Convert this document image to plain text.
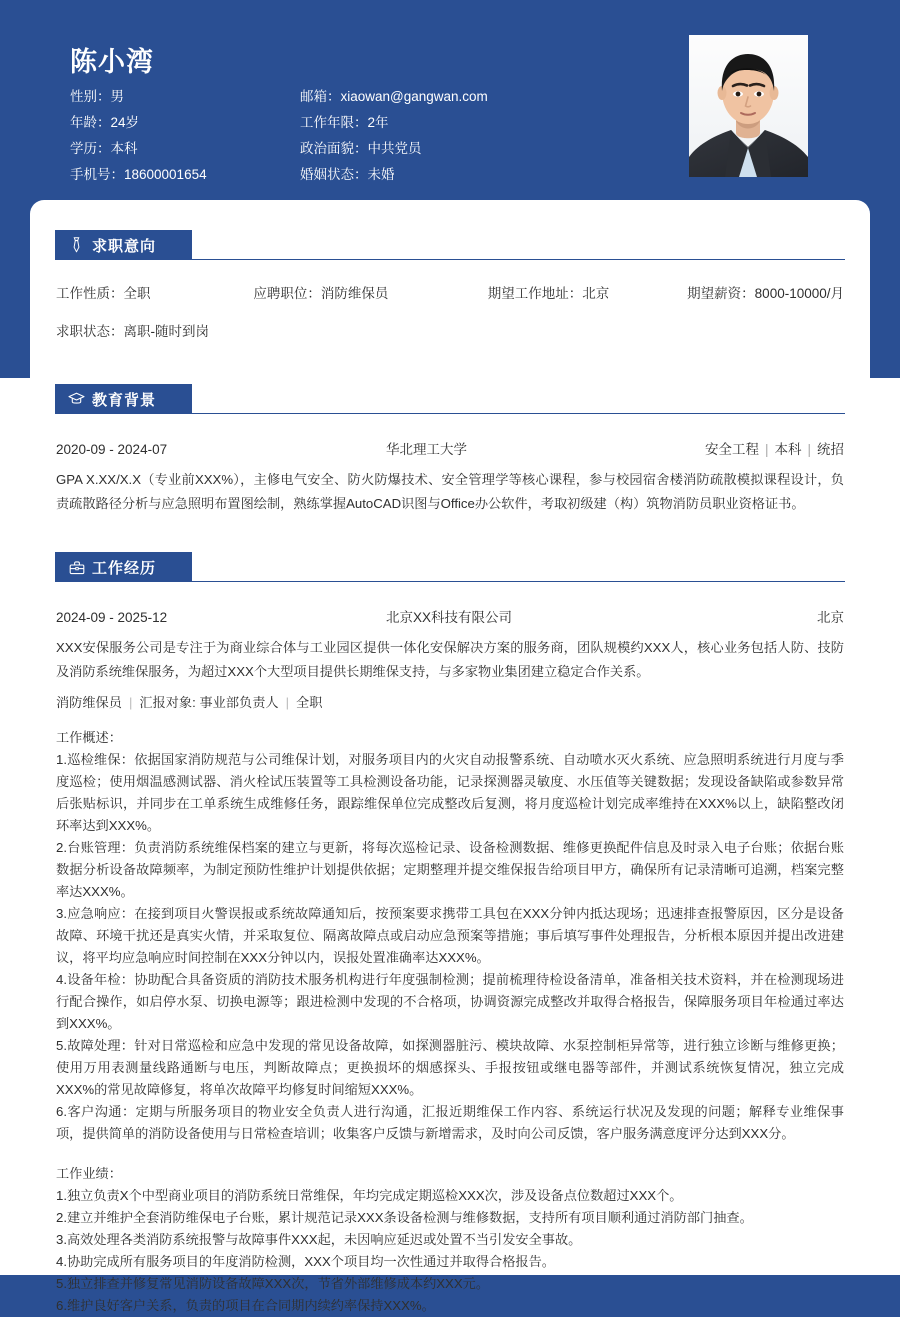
陈小湾
性别：男	邮箱：xiaowan@gangwan.com
年龄：24岁	工作年限：2年
学历：本科	政治面貌：中共党员
手机号：18600001654	婚姻状态：未婚
求职意向
工作性质：全职	应聘职位：消防维保员	期望工作地址：北京	期望薪资：8000-10000/月
求职状态：离职-随时到岗
教育背景
2020-09 - 2024-07	华北理工大学	安全工程 | 本科 | 统招
GPA X.XX/X.X（专业前XXX%），主修电气安全、防火防爆技术、安全管理学等核心课程，参与校园宿舍楼消防疏散模拟课程设计，负责疏散路径分析与应急照明布置图绘制，熟练掌握AutoCAD识图与Office办公软件，考取初级建（构）筑物消防员职业资格证书。
工作经历
2024-09 - 2025-12	北京XX科技有限公司	北京
XXX安保服务公司是专注于为商业综合体与工业园区提供一体化安保解决方案的服务商，团队规模约XXX人，核心业务包括人防、技防及消防系统维保服务，为超过XXX个大型项目提供长期维保支持，与多家物业集团建立稳定合作关系。
消防维保员 | 汇报对象: 事业部负责人 | 全职
工作概述：
1.巡检维保：依据国家消防规范与公司维保计划，对服务项目内的火灾自动报警系统、自动喷水灭火系统、应急照明系统进行月度与季度巡检；使用烟温感测试器、消火栓试压装置等工具检测设备功能，记录探测器灵敏度、水压值等关键数据；发现设备缺陷或参数异常后张贴标识，并同步在工单系统生成维修任务，跟踪维保单位完成整改后复测，将月度巡检计划完成率维持在XXX%以上，缺陷整改闭环率达到XXX%。
2.台账管理：负责消防系统维保档案的建立与更新，将每次巡检记录、设备检测数据、维修更换配件信息及时录入电子台账；依据台账数据分析设备故障频率，为制定预防性维护计划提供依据；定期整理并提交维保报告给项目甲方，确保所有记录清晰可追溯，档案完整率达XXX%。
3.应急响应：在接到项目火警误报或系统故障通知后，按预案要求携带工具包在XXX分钟内抵达现场；迅速排查报警原因，区分是设备故障、环境干扰还是真实火情，并采取复位、隔离故障点或启动应急预案等措施；事后填写事件处理报告，分析根本原因并提出改进建议，将平均应急响应时间控制在XXX分钟以内，误报处置准确率达XXX%。
4.设备年检：协助配合具备资质的消防技术服务机构进行年度强制检测；提前梳理待检设备清单，准备相关技术资料，并在检测现场进行配合操作，如启停水泵、切换电源等；跟进检测中发现的不合格项，协调资源完成整改并取得合格报告，保障服务项目年检通过率达到XXX%。
5.故障处理：针对日常巡检和应急中发现的常见设备故障，如探测器脏污、模块故障、水泵控制柜异常等，进行独立诊断与维修更换；使用万用表测量线路通断与电压，判断故障点；更换损坏的烟感探头、手报按钮或继电器等部件，并测试系统恢复情况，独立完成XXX%的常见故障修复，将单次故障平均修复时间缩短XXX%。
6.客户沟通：定期与所服务项目的物业安全负责人进行沟通，汇报近期维保工作内容、系统运行状况及发现的问题；解释专业维保事项，提供简单的消防设备使用与日常检查培训；收集客户反馈与新增需求，及时向公司反馈，客户服务满意度评分达到XXX分。
工作业绩：
1.独立负责X个中型商业项目的消防系统日常维保，年均完成定期巡检XXX次，涉及设备点位数超过XXX个。
2.建立并维护全套消防维保电子台账，累计规范记录XXX条设备检测与维修数据，支持所有项目顺利通过消防部门抽查。
3.高效处理各类消防系统报警与故障事件XXX起，未因响应延迟或处置不当引发安全事故。
4.协助完成所有服务项目的年度消防检测，XXX个项目均一次性通过并取得合格报告。
5.独立排查并修复常见消防设备故障XXX次，节省外部维修成本约XXX元。
6.维护良好客户关系，负责的项目在合同期内续约率保持XXX%。
